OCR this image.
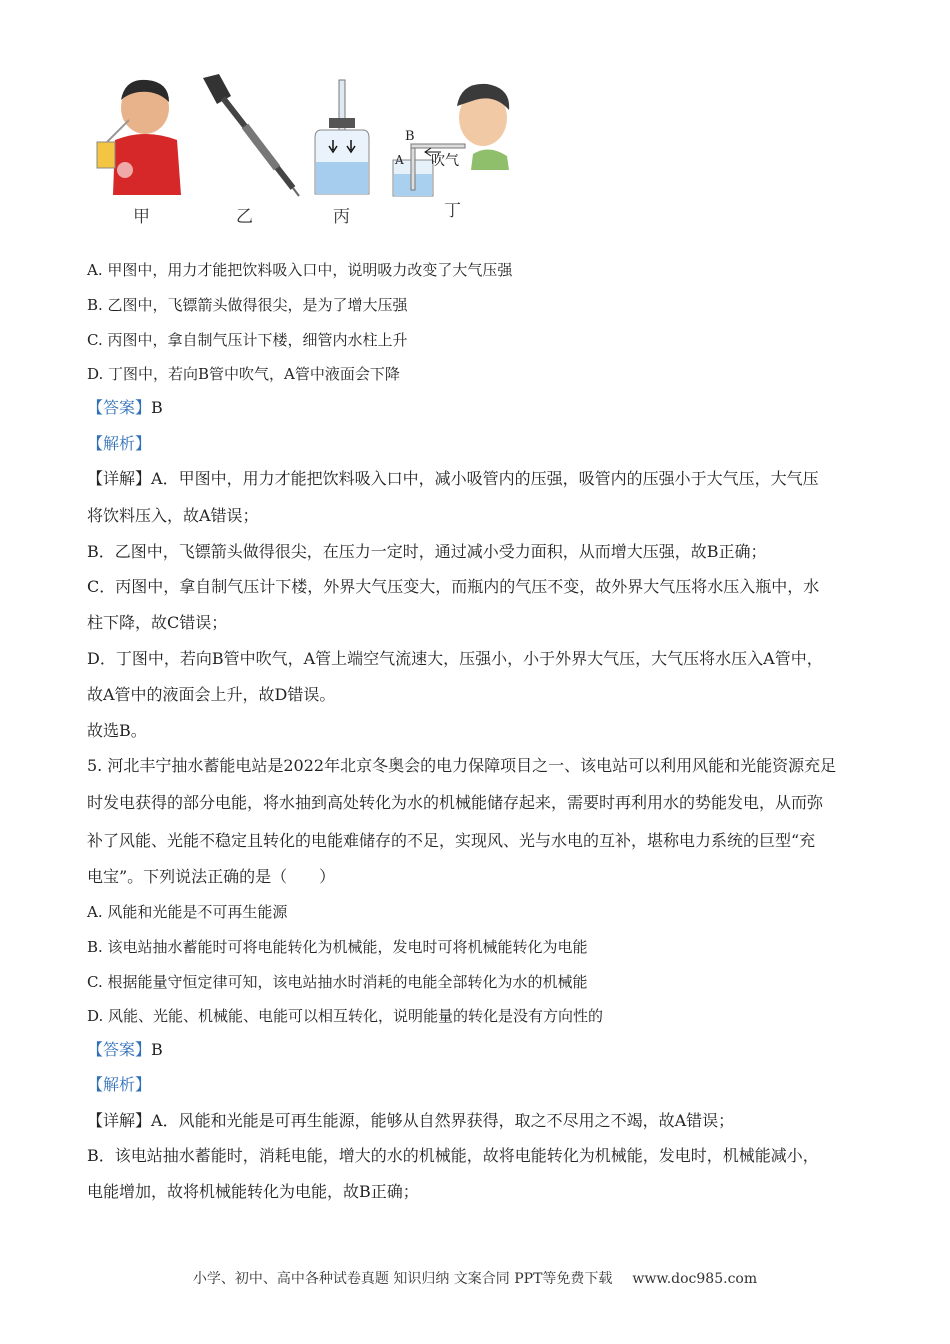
B
A 吹气
甲	乙	丙	丁
A. 甲图中，用力才能把饮料吸入口中，说明吸力改变了大气压强
B. 乙图中，飞镖箭头做得很尖，是为了增大压强
C. 丙图中，拿自制气压计下楼，细管内水柱上升
D. 丁图中，若向B管中吹气，A管中液面会下降
【答案】B
【解析】
【详解】A．甲图中，用力才能把饮料吸入口中，减小吸管内的压强，吸管内的压强小于大气压，大气压
将饮料压入，故A错误；
B．乙图中，飞镖箭头做得很尖，在压力一定时，通过减小受力面积，从而增大压强，故B正确；
C．丙图中，拿自制气压计下楼，外界大气压变大，而瓶内的气压不变，故外界大气压将水压入瓶中，水
柱下降，故C错误；
D．丁图中，若向B管中吹气，A管上端空气流速大，压强小，小于外界大气压，大气压将水压入A管中，
故A管中的液面会上升，故D错误。
故选B。
5. 河北丰宁抽水蓄能电站是2022年北京冬奥会的电力保障项目之一、该电站可以利用风能和光能资源充足
时发电获得的部分电能，将水抽到高处转化为水的机械能储存起来，需要时再利用水的势能发电，从而弥
补了风能、光能不稳定且转化的电能难储存的不足，实现风、光与水电的互补，堪称电力系统的巨型“充
电宝”。下列说法正确的是（　　）
A. 风能和光能是不可再生能源
B. 该电站抽水蓄能时可将电能转化为机械能，发电时可将机械能转化为电能
C. 根据能量守恒定律可知，该电站抽水时消耗的电能全部转化为水的机械能
D. 风能、光能、机械能、电能可以相互转化，说明能量的转化是没有方向性的
【答案】B
【解析】
【详解】A．风能和光能是可再生能源，能够从自然界获得，取之不尽用之不竭，故A错误；
B．该电站抽水蓄能时，消耗电能，增大的水的机械能，故将电能转化为机械能，发电时，机械能减小，
电能增加，故将机械能转化为电能，故B正确；
小学、初中、高中各种试卷真题 知识归纳 文案合同 PPT等免费下载 www.doc985.com
